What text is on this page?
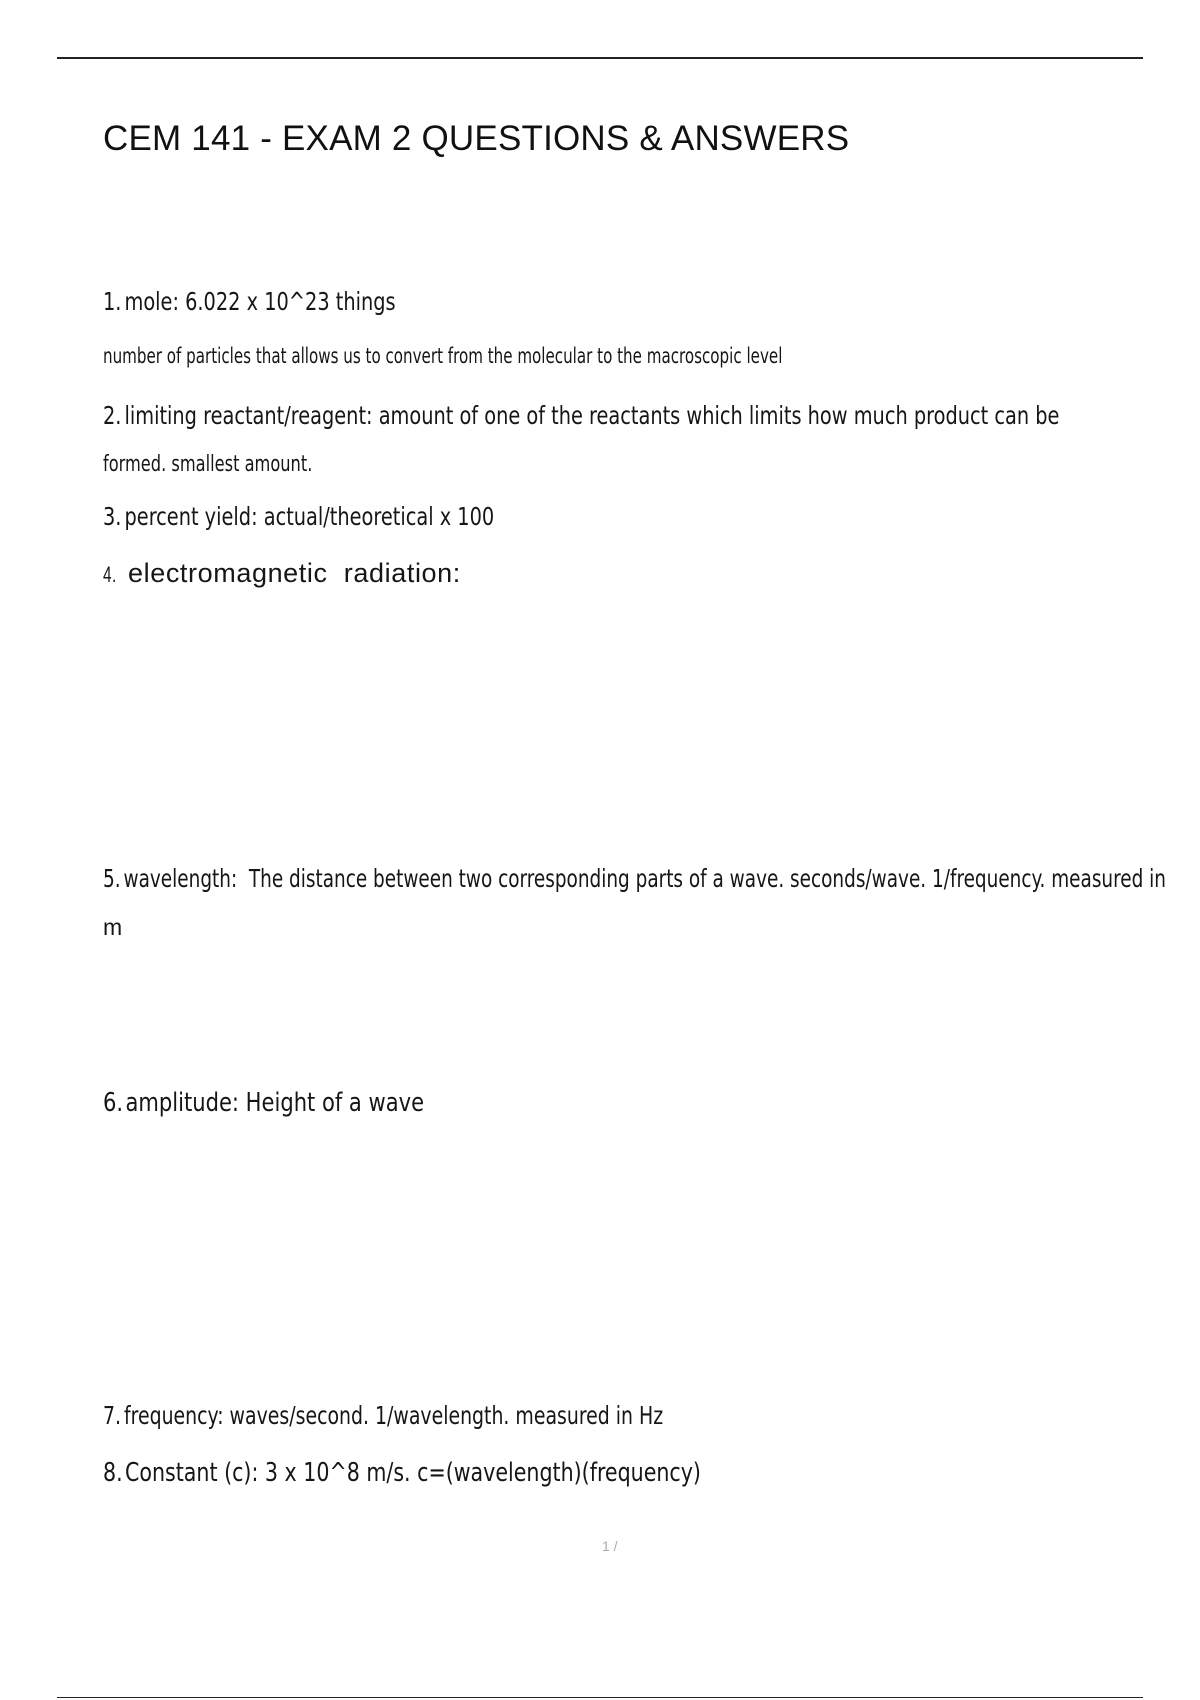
CEM 141 - EXAM 2 QUESTIONS & ANSWERS
1. mole: 6.022 x 10^23 things
number of particles that allows us to convert from the molecular to the macroscopic level
2. limiting reactant/reagent: amount of one of the reactants which limits how much product can be
formed. smallest amount.
3. percent yield: actual/theoretical x 100
4. electromagnetic  radiation:
5. wavelength:  The distance between two corresponding parts of a wave. seconds/wave. 1/frequency. measured in
m
6.amplitude: Height of a wave
7. frequency: waves/second. 1/wavelength. measured in Hz
8.Constant (c): 3 x 10^8 m/s. c=(wavelength)(frequency)
1 /
